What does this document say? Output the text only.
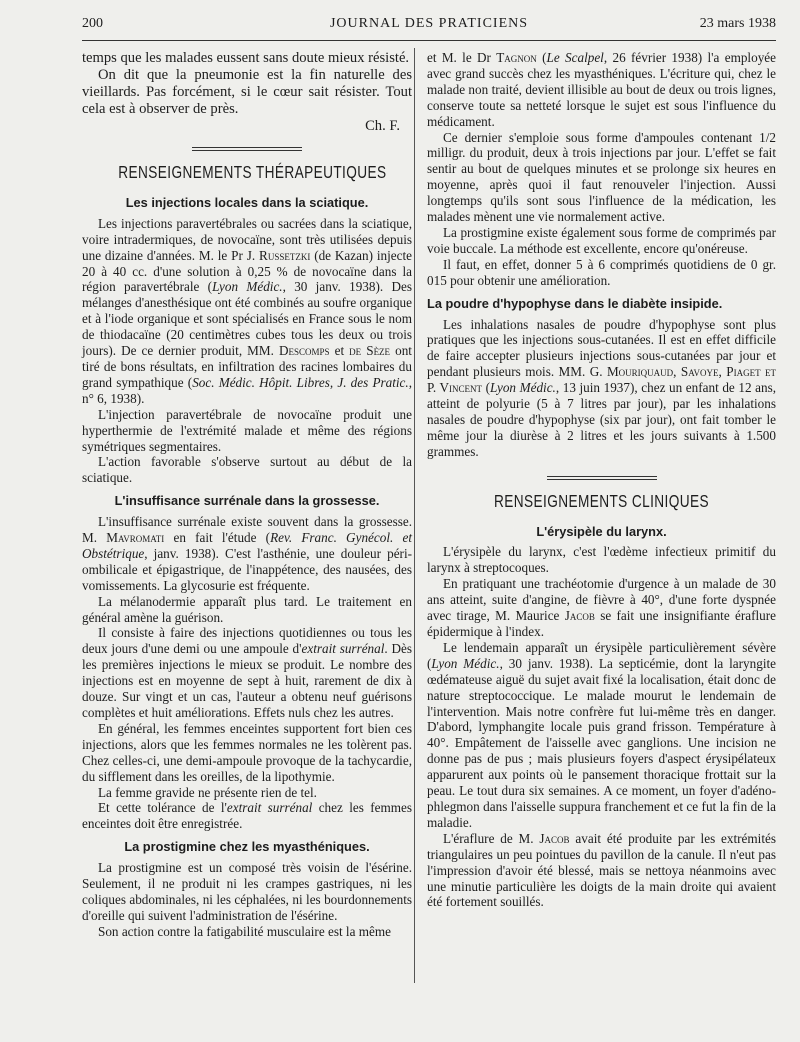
200	JOURNAL DES PRATICIENS	23 mars 1938

temps que les malades eussent sans doute mieux résisté.

On dit que la pneumonie est la fin naturelle des vieillards. Pas forcément, si le cœur sait résister. Tout cela est à observer de près.

Ch. F.

RENSEIGNEMENTS THÉRAPEUTIQUES
Les injections locales dans la sciatique.

Les injections paravertébrales ou sacrées dans la sciatique, voire intradermiques, de novocaïne, sont très utilisées depuis une dizaine d'années. M. le Pr J. Russetzki (de Kazan) injecte 20 à 40 cc. d'une solution à 0,25 % de novocaïne dans la région paravertébrale (Lyon Médic., 30 janv. 1938). Des mélanges d'anesthésique ont été combinés au soufre organique et à l'iode organique et sont spécialisés en France sous le nom de thiodacaïne (20 centimètres cubes tous les deux ou trois jours). De ce dernier produit, MM. Descomps et de Sèze ont tiré de bons résultats, en infiltration des racines lombaires du grand sympathique (Soc. Médic. Hôpit. Libres, J. des Pratic., n° 6, 1938).

L'injection paravertébrale de novocaïne produit une hyperthermie de l'extrémité malade et même des régions symétriques segmentaires.

L'action favorable s'observe surtout au début de la sciatique.

L'insuffisance surrénale dans la grossesse.

L'insuffisance surrénale existe souvent dans la grossesse. M. Mavromati en fait l'étude (Rev. Franc. Gynécol. et Obstétrique, janv. 1938). C'est l'asthénie, une douleur péri-ombilicale et épigastrique, de l'inappétence, des nausées, des vomissements. La glycosurie est fréquente.

La mélanodermie apparaît plus tard. Le traitement en général amène la guérison.

Il consiste à faire des injections quotidiennes ou tous les deux jours d'une demi ou une ampoule d'extrait surrénal. Dès les premières injections le mieux se produit. Le nombre des injections est en moyenne de sept à huit, rarement de dix à douze. Sur vingt et un cas, l'auteur a obtenu neuf guérisons complètes et huit améliorations. Effets nuls chez les autres.

En général, les femmes enceintes supportent fort bien ces injections, alors que les femmes normales ne les tolèrent pas. Chez celles-ci, une demi-ampoule provoque de la tachycardie, du sifflement dans les oreilles, de la lipothymie.

La femme gravide ne présente rien de tel.

Et cette tolérance de l'extrait surrénal chez les femmes enceintes doit être enregistrée.

La prostigmine chez les myasthéniques.

La prostigmine est un composé très voisin de l'ésérine. Seulement, il ne produit ni les crampes gastriques, ni les coliques abdominales, ni les céphalées, ni les bourdonnements d'oreille qui suivent l'administration de l'ésérine.

Son action contre la fatigabilité musculaire est la même

et M. le Dr Tagnon (Le Scalpel, 26 février 1938) l'a employée avec grand succès chez les myasthéniques. L'écriture qui, chez le malade non traité, devient illisible au bout de deux ou trois lignes, conserve toute sa netteté lorsque le sujet est sous l'influence du médicament.

Ce dernier s'emploie sous forme d'ampoules contenant 1/2 milligr. du produit, deux à trois injections par jour. L'effet se fait sentir au bout de quelques minutes et se prolonge six heures en moyenne, après quoi il faut renouveler l'injection. Aussi longtemps qu'ils sont sous l'influence de la médication, les malades mènent une vie normalement active.

La prostigmine existe également sous forme de comprimés par voie buccale. La méthode est excellente, encore qu'onéreuse.

Il faut, en effet, donner 5 à 6 comprimés quotidiens de 0 gr. 015 pour obtenir une amélioration.

La poudre d'hypophyse dans le diabète insipide.

Les inhalations nasales de poudre d'hypophyse sont plus pratiques que les injections sous-cutanées. Il est en effet difficile de faire accepter plusieurs injections sous-cutanées par jour et pendant plusieurs mois. MM. G. Mouriquaud, Savoye, Piaget et P. Vincent (Lyon Médic., 13 juin 1937), chez un enfant de 12 ans, atteint de polyurie (5 à 7 litres par jour), par les inhalations nasales de poudre d'hypophyse (six par jour), ont fait tomber le même jour la diurèse à 2 litres et les jours suivants à 1.500 grammes.

RENSEIGNEMENTS CLINIQUES
L'érysipèle du larynx.

L'érysipèle du larynx, c'est l'œdème infectieux primitif du larynx à streptocoques.

En pratiquant une trachéotomie d'urgence à un malade de 30 ans atteint, suite d'angine, de fièvre à 40°, d'une forte dyspnée avec tirage, M. Maurice Jacob se fait une insignifiante éraflure épidermique à l'index.

Le lendemain apparaît un érysipèle particulièrement sévère (Lyon Médic., 30 janv. 1938). La septicémie, dont la laryngite œdémateuse aiguë du sujet avait fixé la localisation, était donc de nature streptococcique. Le malade mourut le lendemain de l'intervention. Mais notre confrère fut lui-même très en danger. D'abord, lymphangite locale puis grand frisson. Température à 40°. Empâtement de l'aisselle avec ganglions. Une incision ne donne pas de pus ; mais plusieurs foyers d'aspect érysipélateux apparurent aux points où le pansement thoracique frottait sur la peau. Le tout dura six semaines. A ce moment, un foyer d'adéno-phlegmon dans l'aisselle suppura franchement et ce fut la fin de la maladie.

L'éraflure de M. Jacob avait été produite par les extrémités triangulaires un peu pointues du pavillon de la canule. Il n'eut pas l'impression d'avoir été blessé, mais se nettoya néanmoins avec une minutie particulière les doigts de la main droite qui avaient été fortement souillés.
